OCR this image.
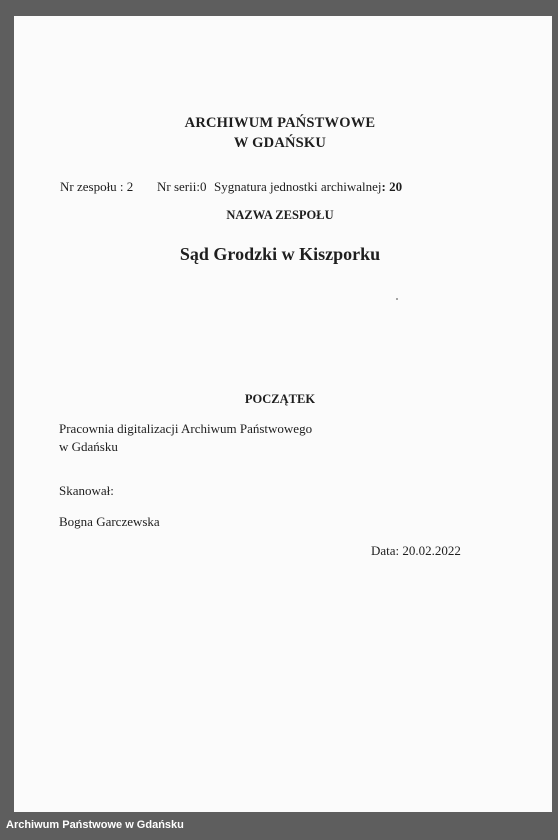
ARCHIWUM PAŃSTWOWE
W GDAŃSKU
Nr zespołu : 2 Nr serii:0 Sygnatura jednostki archiwalnej: 20
NAZWA ZESPOŁU
Sąd Grodzki w Kiszporku
POCZĄTEK
Pracownia digitalizacji Archiwum Państwowego
w Gdańsku
Skanował:
Bogna Garczewska
Data: 20.02.2022
Archiwum Państwowe w Gdańsku
